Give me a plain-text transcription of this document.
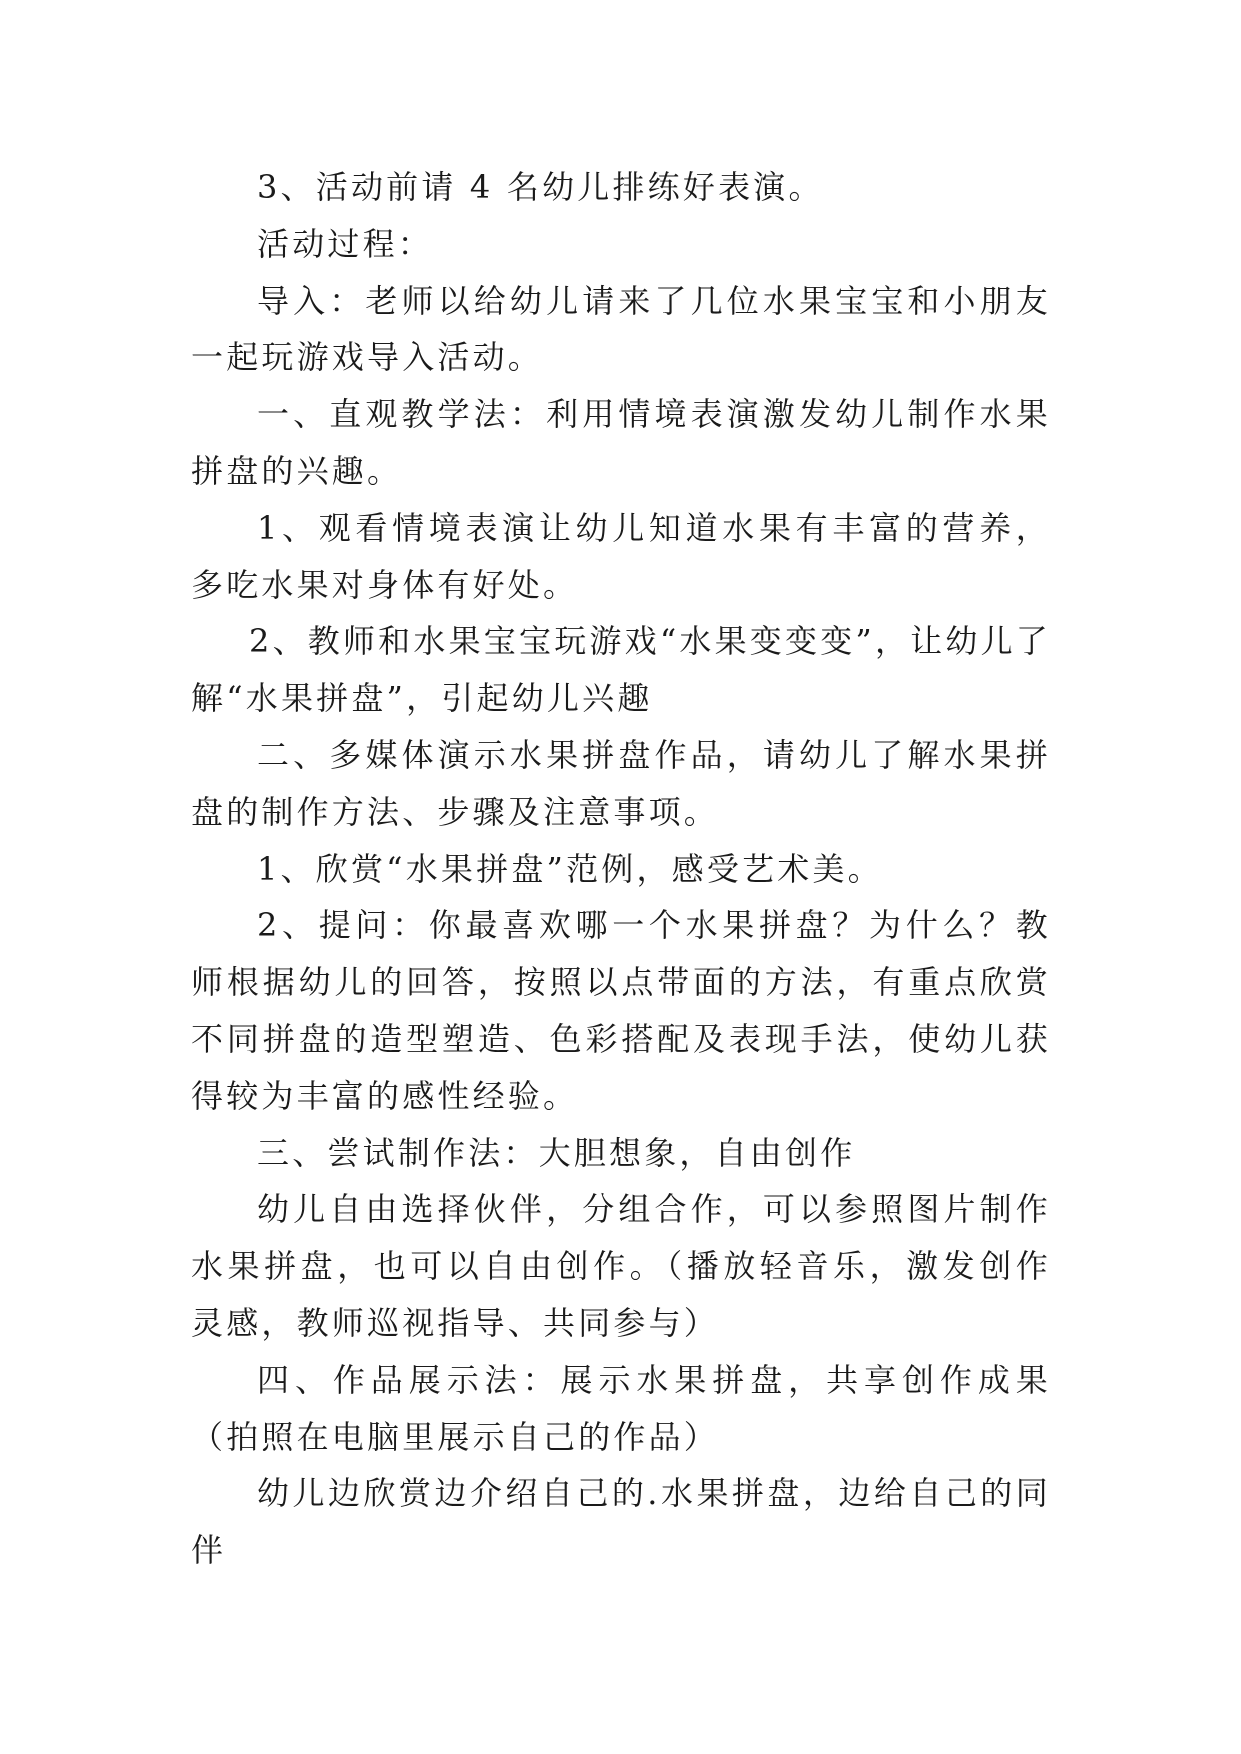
3、活动前请 4 名幼儿排练好表演。

活动过程：

导入：老师以给幼儿请来了几位水果宝宝和小朋友一起玩游戏导入活动。

一、直观教学法：利用情境表演激发幼儿制作水果拼盘的兴趣。

1、观看情境表演让幼儿知道水果有丰富的营养，多吃水果对身体有好处。

2、教师和水果宝宝玩游戏“水果变变变”，让幼儿了解“水果拼盘”，引起幼儿兴趣

二、多媒体演示水果拼盘作品，请幼儿了解水果拼盘的制作方法、步骤及注意事项。

1、欣赏“水果拼盘”范例，感受艺术美。

2、提问：你最喜欢哪一个水果拼盘？为什么？教师根据幼儿的回答，按照以点带面的方法，有重点欣赏不同拼盘的造型塑造、色彩搭配及表现手法，使幼儿获得较为丰富的感性经验。

三、尝试制作法：大胆想象，自由创作

幼儿自由选择伙伴，分组合作，可以参照图片制作水果拼盘，也可以自由创作。（播放轻音乐，激发创作灵感，教师巡视指导、共同参与）

四、作品展示法：展示水果拼盘，共享创作成果（拍照在电脑里展示自己的作品）

幼儿边欣赏边介绍自己的.水果拼盘，边给自己的同伴
